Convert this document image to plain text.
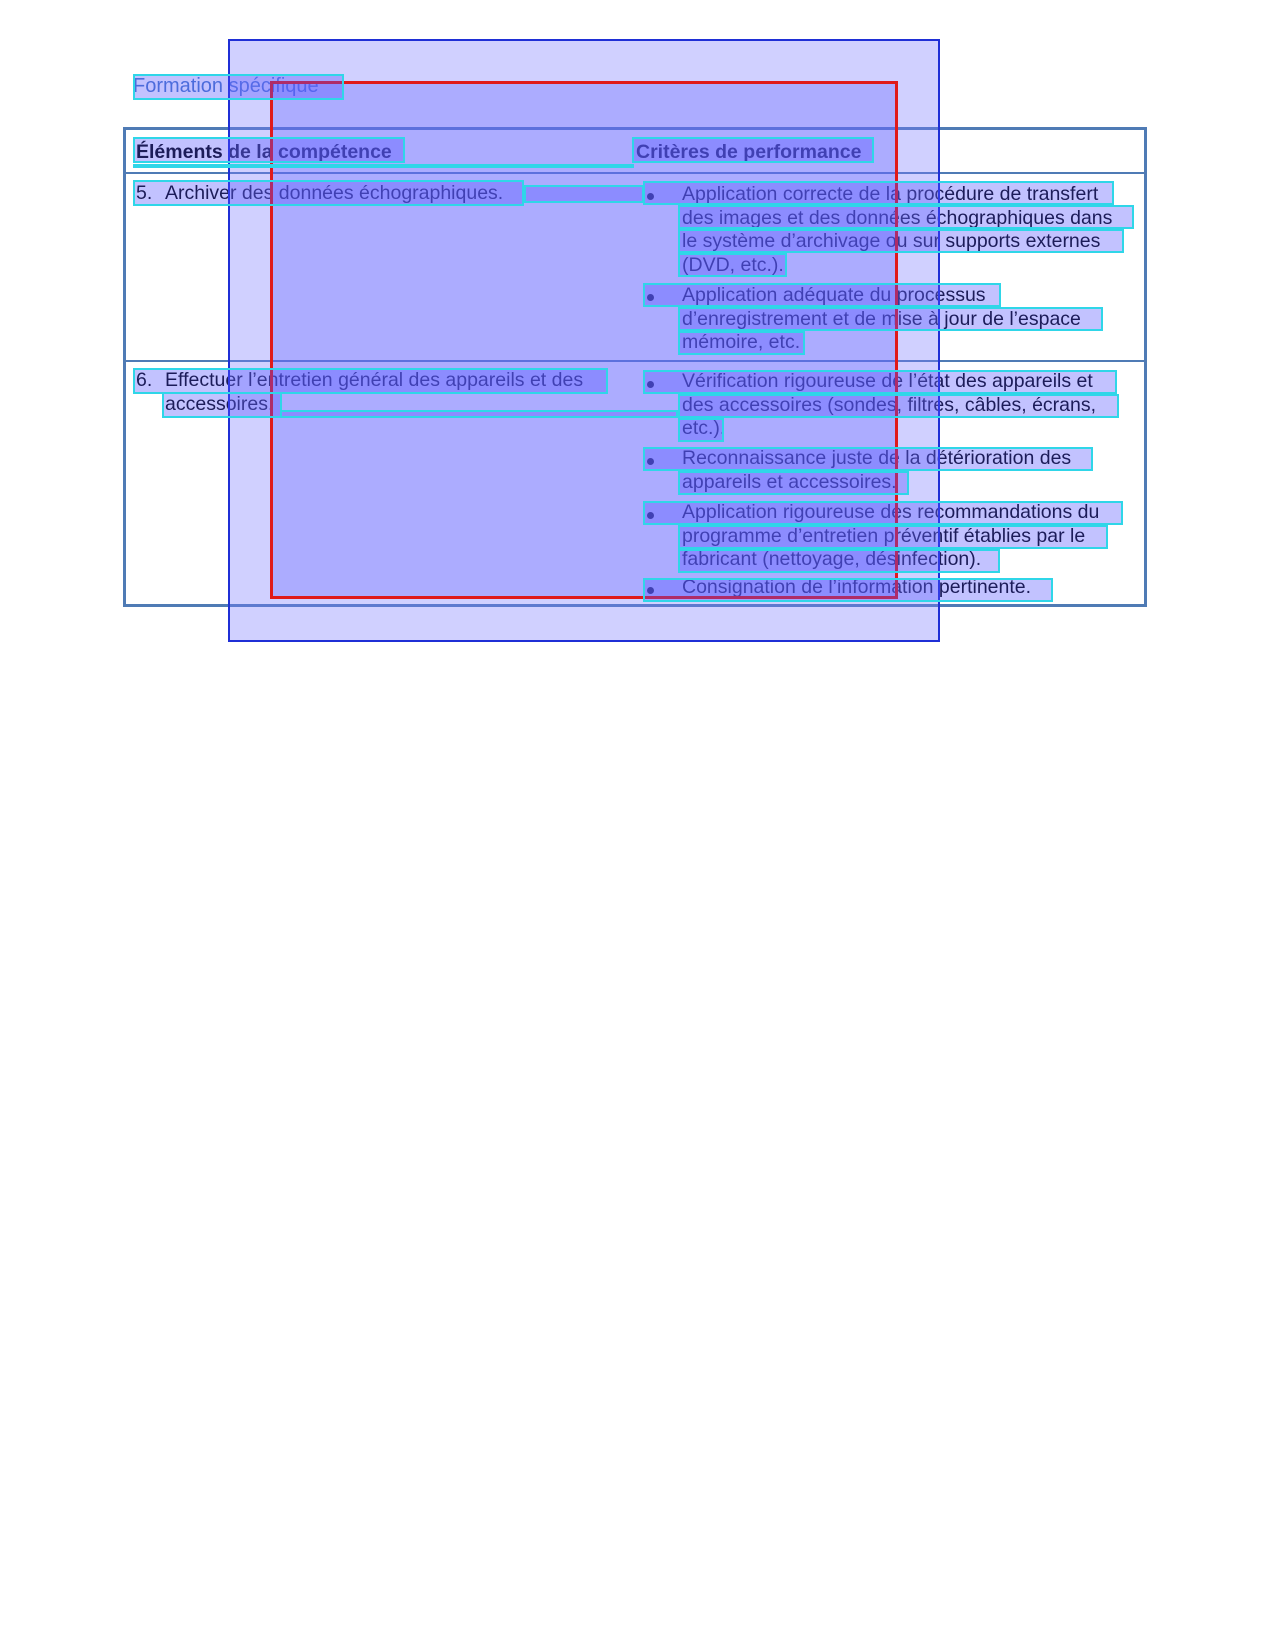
Formation spécifique
Éléments de la compétence	Critères de performance
5. Archiver des données échographiques.	Application correcte de la procédure de transfert
des images et des données échographiques dans
le système d’archivage ou sur supports externes
(DVD, etc.).
Application adéquate du processus
d’enregistrement et de mise à jour de l’espace
mémoire, etc.
6. Effectuer l’entretien général des appareils et des
accessoires.
Vérification rigoureuse de l’état des appareils et
des accessoires (sondes, filtres, câbles, écrans,
etc.).
Reconnaissance juste de la détérioration des
appareils et accessoires.
Application rigoureuse des recommandations du
programme d’entretien préventif établies par le
fabricant (nettoyage, désinfection).
Consignation de l’information pertinente.
